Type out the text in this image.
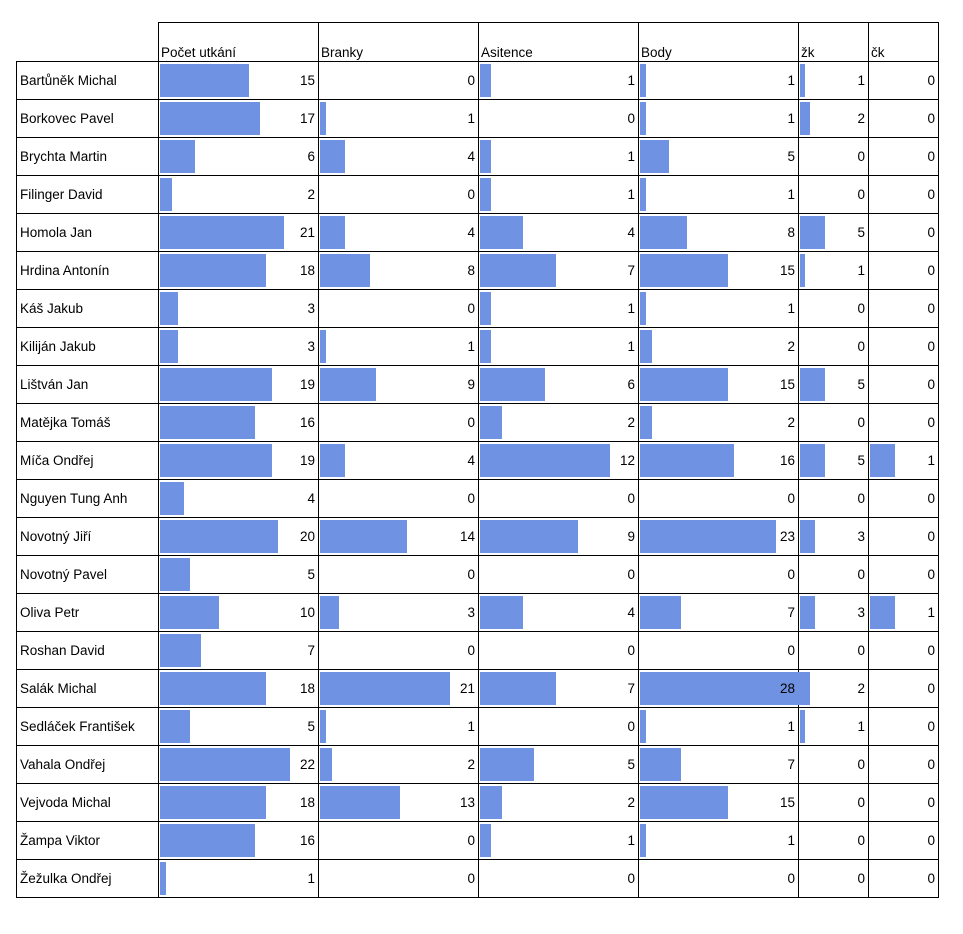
	Počet utkání	Branky	Asitence	Body	žk	čk
Bartůněk Michal	15	0	1	1	1	0

Borkovec Pavel	17	1	0	1	2	0

Brychta Martin	6	4	1	5	0	0

Filinger David	2	0	1	1	0	0

Homola Jan	21	4	4	8	5	0

Hrdina Antonín	18	8	7	15	1	0

Káš Jakub	3	0	1	1	0	0

Kiliján Jakub	3	1	1	2	0	0

Lištván Jan	19	9	6	15	5	0

Matějka Tomáš	16	0	2	2	0	0

Míča Ondřej	19	4	12	16	5	1

Nguyen Tung Anh	4	0	0	0	0	0

Novotný Jiří	20	14	9	23	3	0

Novotný Pavel	5	0	0	0	0	0

Oliva Petr	10	3	4	7	3	1

Roshan David	7	0	0	0	0	0

Salák Michal	18	21	7	28	2	0

Sedláček František	5	1	0	1	1	0

Vahala Ondřej	22	2	5	7	0	0

Vejvoda Michal	18	13	2	15	0	0

Žampa Viktor	16	0	1	1	0	0

Žežulka Ondřej	1	0	0	0	0	0
